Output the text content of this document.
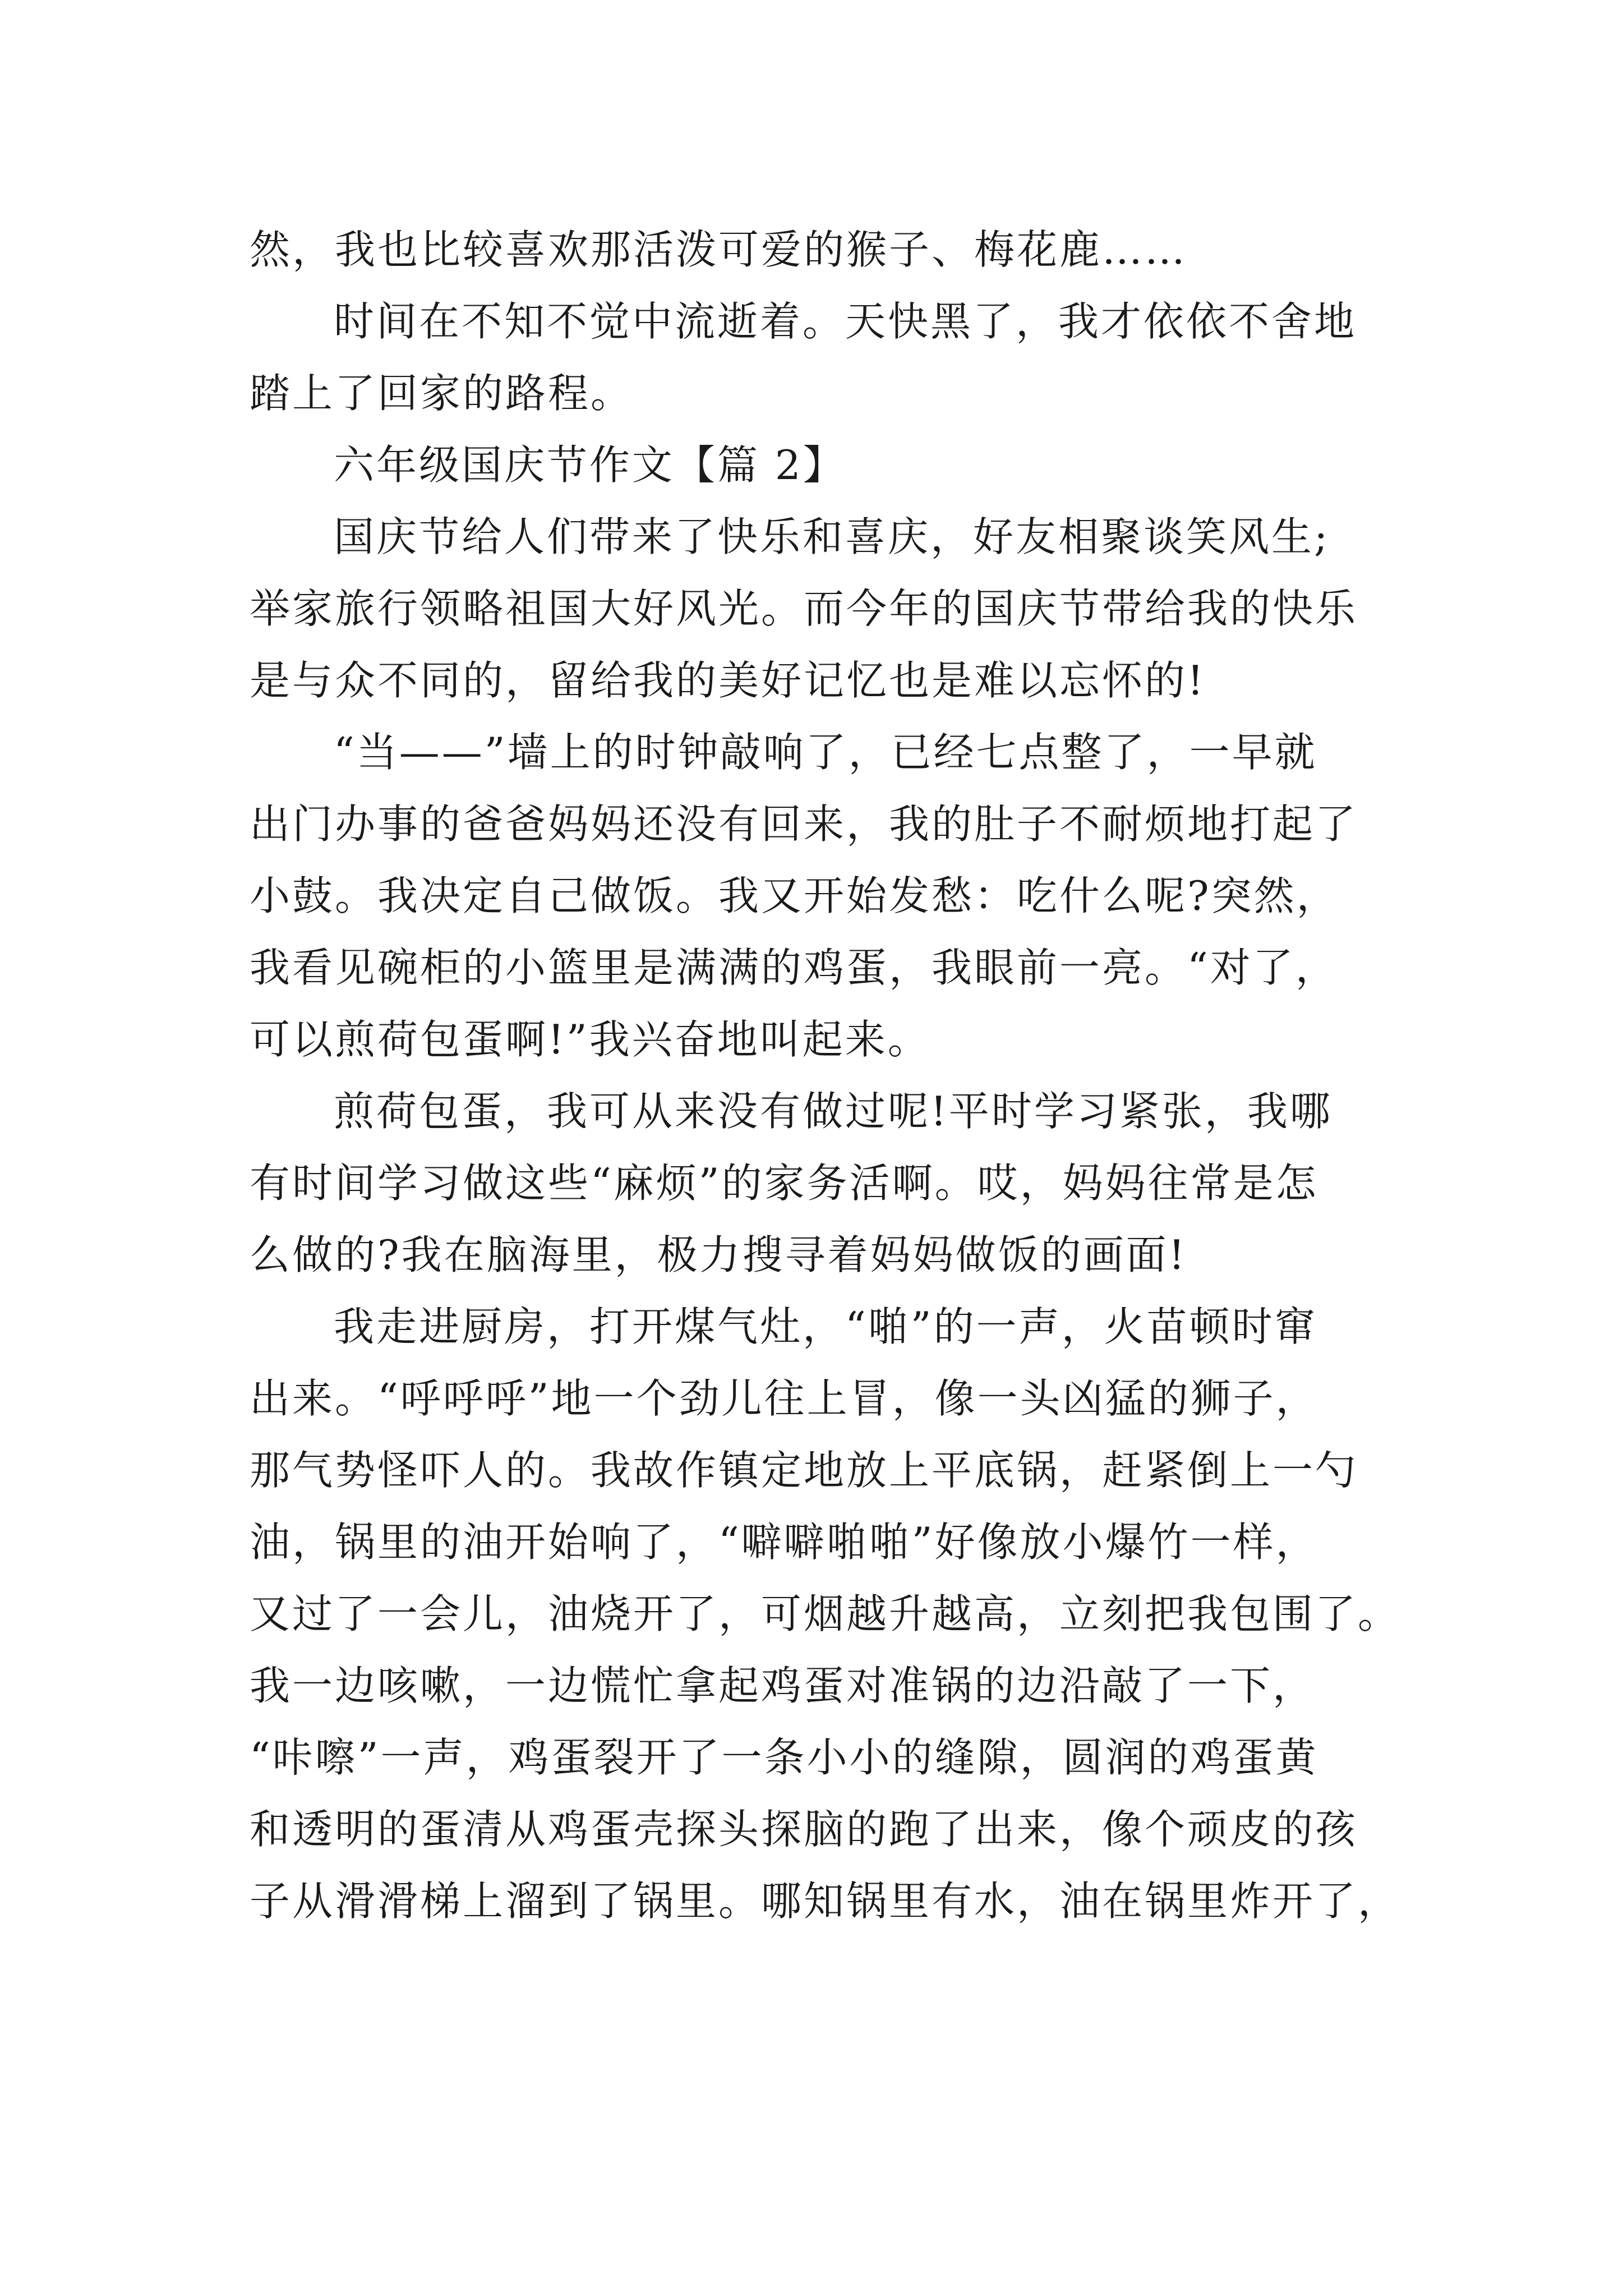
然，我也比较喜欢那活泼可爱的猴子、梅花鹿……
时间在不知不觉中流逝着。天快黑了，我才依依不舍地
踏上了回家的路程。
六年级国庆节作文【篇 2】
国庆节给人们带来了快乐和喜庆，好友相聚谈笑风生;
举家旅行领略祖国大好风光。而今年的国庆节带给我的快乐
是与众不同的，留给我的美好记忆也是难以忘怀的!
“当——”墙上的时钟敲响了，已经七点整了，一早就
出门办事的爸爸妈妈还没有回来，我的肚子不耐烦地打起了
小鼓。我决定自己做饭。我又开始发愁：吃什么呢?突然，
我看见碗柜的小篮里是满满的鸡蛋，我眼前一亮。“对了，
可以煎荷包蛋啊!”我兴奋地叫起来。
煎荷包蛋，我可从来没有做过呢!平时学习紧张，我哪
有时间学习做这些“麻烦”的家务活啊。哎，妈妈往常是怎
么做的?我在脑海里，极力搜寻着妈妈做饭的画面!
我走进厨房，打开煤气灶，“啪”的一声，火苗顿时窜
出来。“呼呼呼”地一个劲儿往上冒，像一头凶猛的狮子，
那气势怪吓人的。我故作镇定地放上平底锅，赶紧倒上一勺
油，锅里的油开始响了，“噼噼啪啪”好像放小爆竹一样，
又过了一会儿，油烧开了，可烟越升越高，立刻把我包围了。
我一边咳嗽，一边慌忙拿起鸡蛋对准锅的边沿敲了一下，
“咔嚓”一声，鸡蛋裂开了一条小小的缝隙，圆润的鸡蛋黄
和透明的蛋清从鸡蛋壳探头探脑的跑了出来，像个顽皮的孩
子从滑滑梯上溜到了锅里。哪知锅里有水，油在锅里炸开了，
